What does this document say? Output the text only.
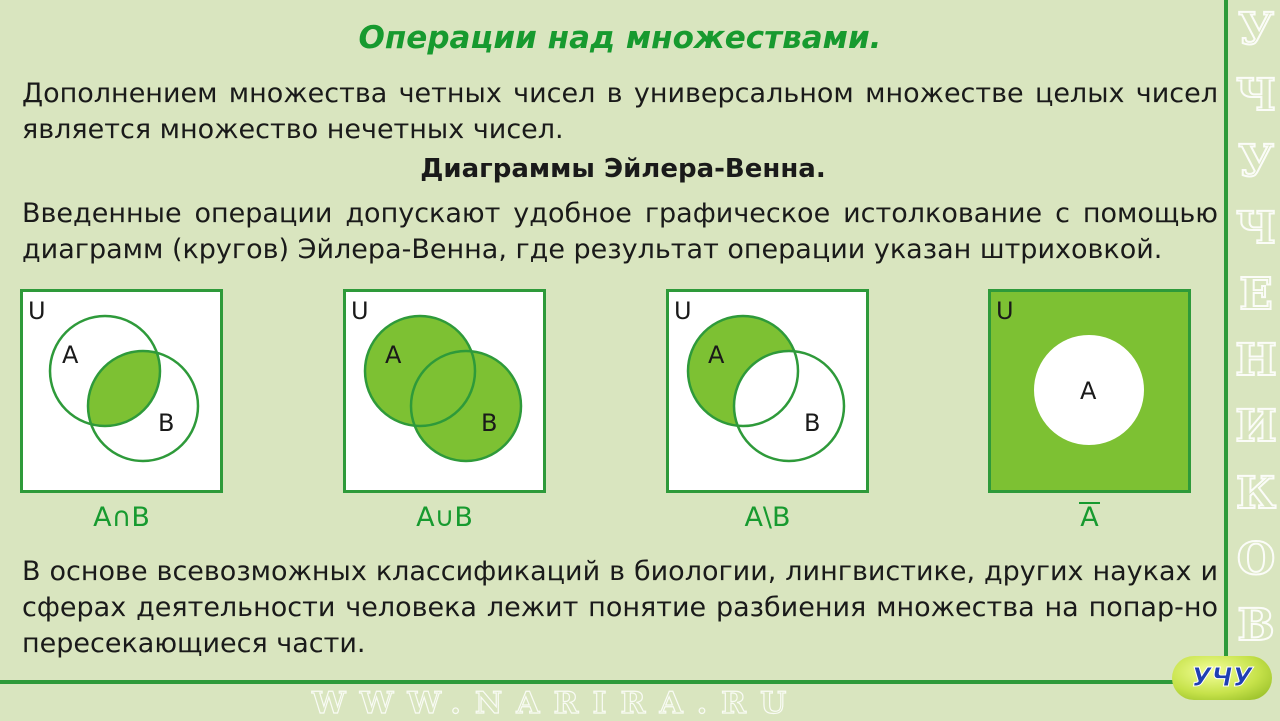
У
Ч
У
Ч
Е
Н
И
К
О
В
Операции над множествами.
Дополнением множества четных чисел в универсальном множестве целых чисел является множество нечетных чисел.
Диаграммы Эйлера-Венна.
Введенные операции допускают удобное графическое истолкование с помощью диаграмм (кругов) Эйлера-Венна, где результат операции указан штриховкой.
U
A
B
A∩B
U
A
B
A∪B
U
A
B
A\B
U
A
A
В основе всевозможных классификаций в биологии, лингвистике, других науках и сферах деятельности человека лежит понятие разбиения множества на попар-но пересекающиеся части.
WWW.NARIRA.RU
УЧУ
